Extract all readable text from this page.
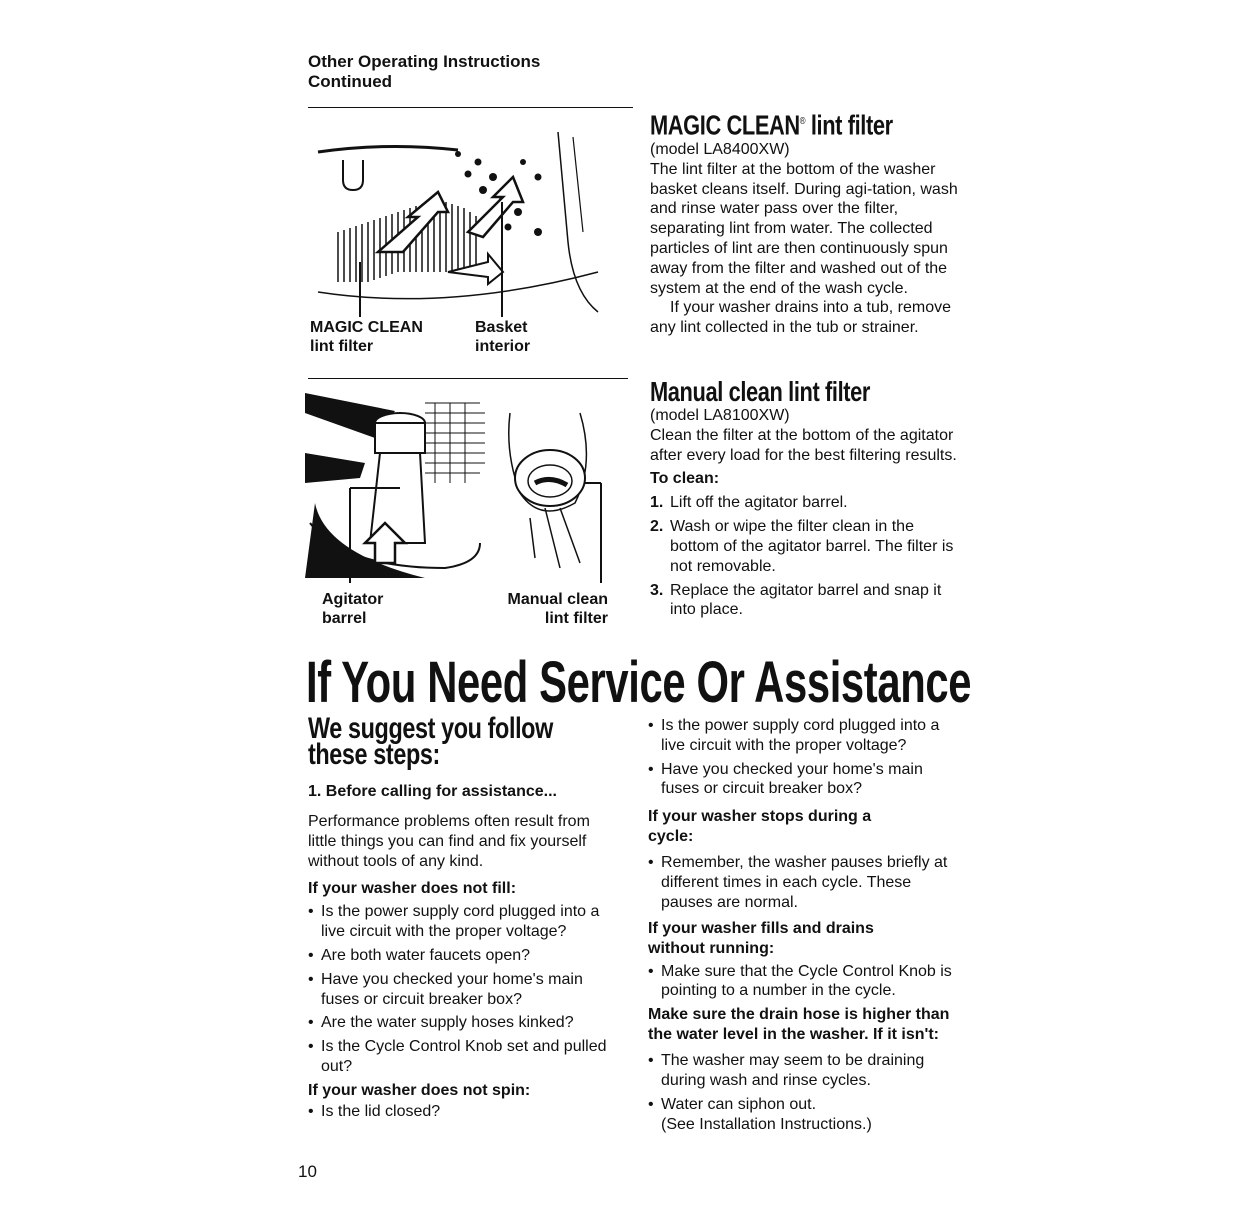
Other Operating Instructions
Continued
MAGIC CLEAN
lint filter
Basket
interior
Agitator
barrel
Manual clean
lint filter
MAGIC CLEAN® lint filter

(model LA8400XW)

The lint filter at the bottom of the washer basket cleans itself. During agi-tation, wash and rinse water pass over the filter, separating lint from water. The collected particles of lint are then continuously spun away from the filter and washed out of the system at the end of the wash cycle.

If your washer drains into a tub, remove any lint collected in the tub or strainer.

Manual clean lint filter

(model LA8100XW)

Clean the filter at the bottom of the agitator after every load for the best filtering results.

To clean:
1. Lift off the agitator barrel.
2. Wash or wipe the filter clean in the bottom of the agitator barrel. The filter is not removable.
3. Replace the agitator barrel and snap it into place.
If You Need Service Or Assistance
We suggest you follow
these steps:
1. Before calling for assistance...
Performance problems often result from little things you can find and fix yourself without tools of any kind.
If your washer does not fill:
• Is the power supply cord plugged into a live circuit with the proper voltage?
• Are both water faucets open?
• Have you checked your home's main fuses or circuit breaker box?
• Are the water supply hoses kinked?
• Is the Cycle Control Knob set and pulled out?
If your washer does not spin:
• Is the lid closed?
• Is the power supply cord plugged into a live circuit with the proper voltage?
• Have you checked your home's main fuses or circuit breaker box?
If your washer stops during a cycle:
• Remember, the washer pauses briefly at different times in each cycle. These pauses are normal.
If your washer fills and drains without running:
• Make sure that the Cycle Control Knob is pointing to a number in the cycle.
Make sure the drain hose is higher than the water level in the washer. If it isn't:
• The washer may seem to be draining during wash and rinse cycles.
• Water can siphon out.
(See Installation Instructions.)
10
